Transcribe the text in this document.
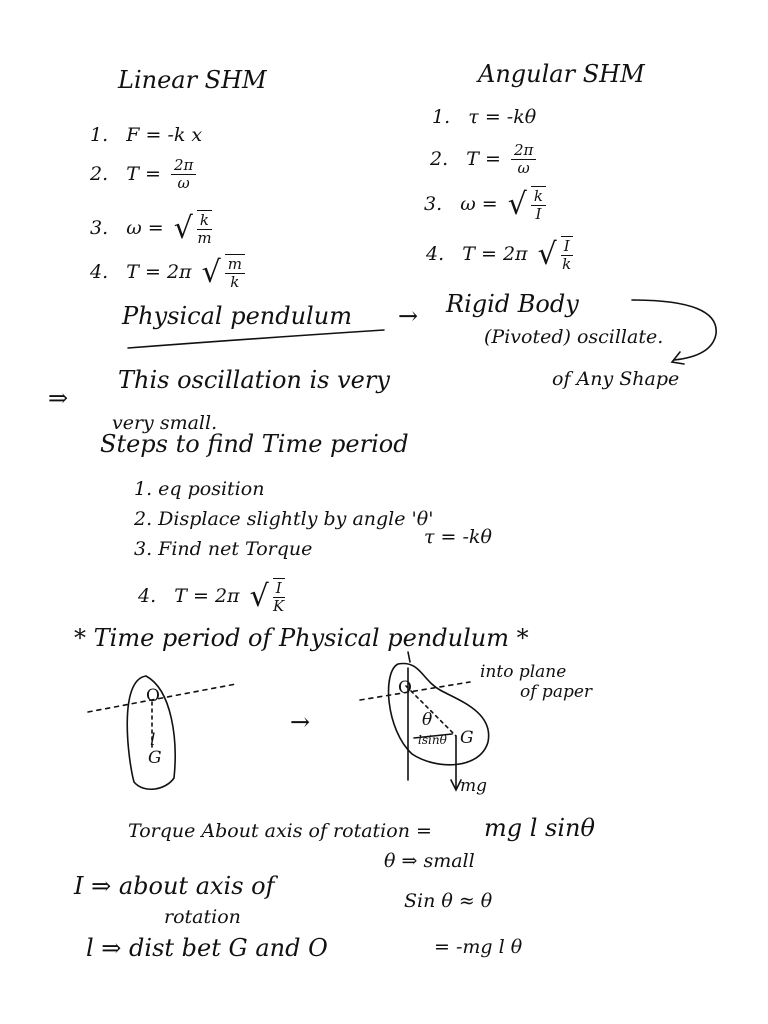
Linear SHM
1. F = -k x
2. $T = \frac{2\pi}{\omega}$
3. ω = √ $\frac{k}{m}$
4. T = 2π √ $\frac{m}{k}$
Angular SHM
1. τ = -kθ
2. $T = \frac{2\pi}{\omega}$
3. ω = √ $\frac{k}{I}$
4. T = 2π √ $\frac{I}{k}$
Physical pendulum → Rigid Body
(Pivoted) oscillate.
of Any Shape
⇒
This oscillation is very
very small.
Steps to find Time period
1. eq position
2. Displace slightly by angle 'θ'
3. Find net Torque
τ = -kθ
4. T = 2π √ $\frac{I}{K}$
* Time period of Physical pendulum *
O
l
G
→
O
θ
lsinθ G
mg
into plane
of paper
Torque About axis of rotation = mg l sinθ
θ ⇒ small
Sin θ ≈ θ
= -mg l θ
I ⇒ about axis of
rotation
l ⇒ dist bet G and O
